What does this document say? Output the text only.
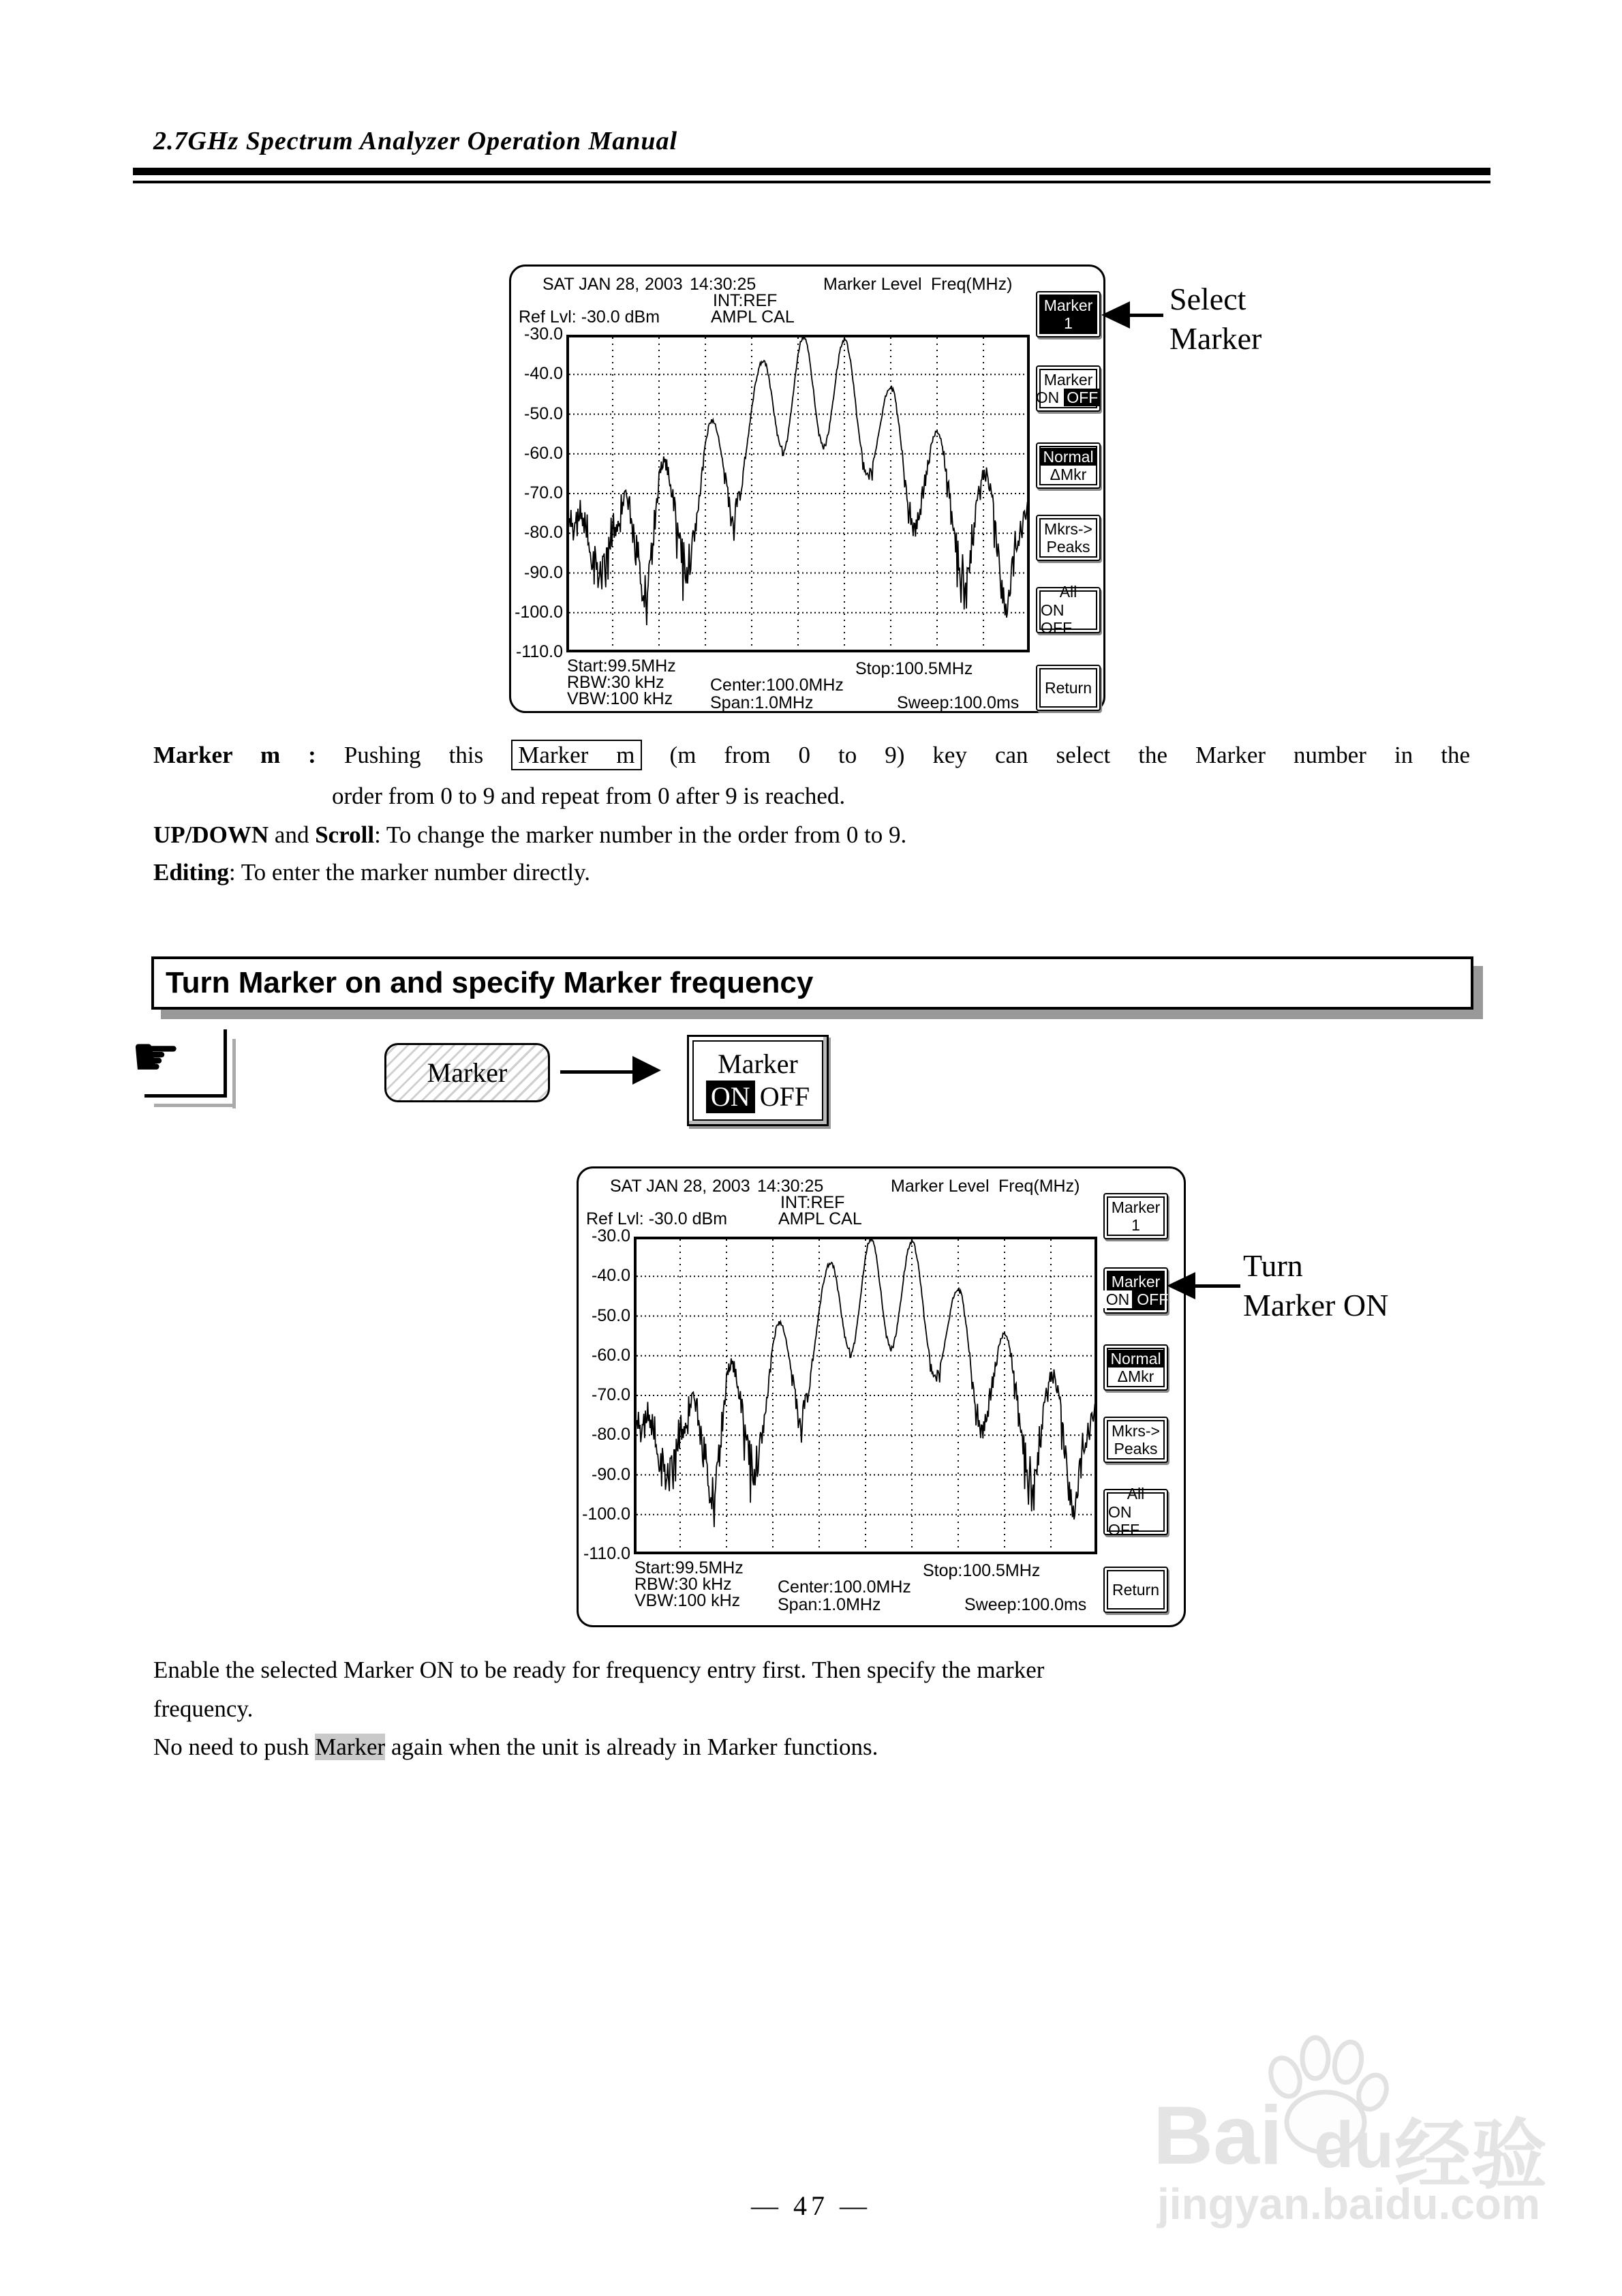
2.7GHz Spectrum Analyzer Operation Manual
SAT JAN 28, 2003 14:30:25	Marker Level Freq(MHz)
INT:REF
Ref Lvl: -30.0 dBm	AMPL CAL
-30.0
-40.0
-50.0
-60.0
-70.0
-80.0
-90.0
-100.0
-110.0
Start:99.5MHz
RBW:30 kHz
VBW:100 kHz
Center:100.0MHz
Span:1.0MHz
Stop:100.5MHz
Sweep:100.0ms
Marker
1
Marker
ON OFF
Normal
ΔMkr
Mkrs->
Peaks
All
ON OFF
Return
Select
Marker
Marker m : Pushing this Marker m (m from 0 to 9) key can select the Marker number in the
order from 0 to 9 and repeat from 0 after 9 is reached.
UP/DOWN and Scroll: To change the marker number in the order from 0 to 9.
Editing: To enter the marker number directly.
Turn Marker on and specify Marker frequency
☛	Marker	Marker
ON OFF
SAT JAN 28, 2003 14:30:25	Marker Level Freq(MHz)
INT:REF
Ref Lvl: -30.0 dBm	AMPL CAL
-30.0
-40.0
-50.0
-60.0
-70.0
-80.0
-90.0
-100.0
-110.0
Start:99.5MHz
RBW:30 kHz
VBW:100 kHz
Center:100.0MHz
Span:1.0MHz
Stop:100.5MHz
Sweep:100.0ms
Marker
1
Marker
ON OFF
Normal
ΔMkr
Mkrs->
Peaks
All
ON OFF
Return
Turn
Marker ON
Enable the selected Marker ON to be ready for frequency entry first. Then specify the marker
frequency.
No need to push Marker again when the unit is already in Marker functions.
Bai du 经验
jingyan.baidu.com
— 47 —
